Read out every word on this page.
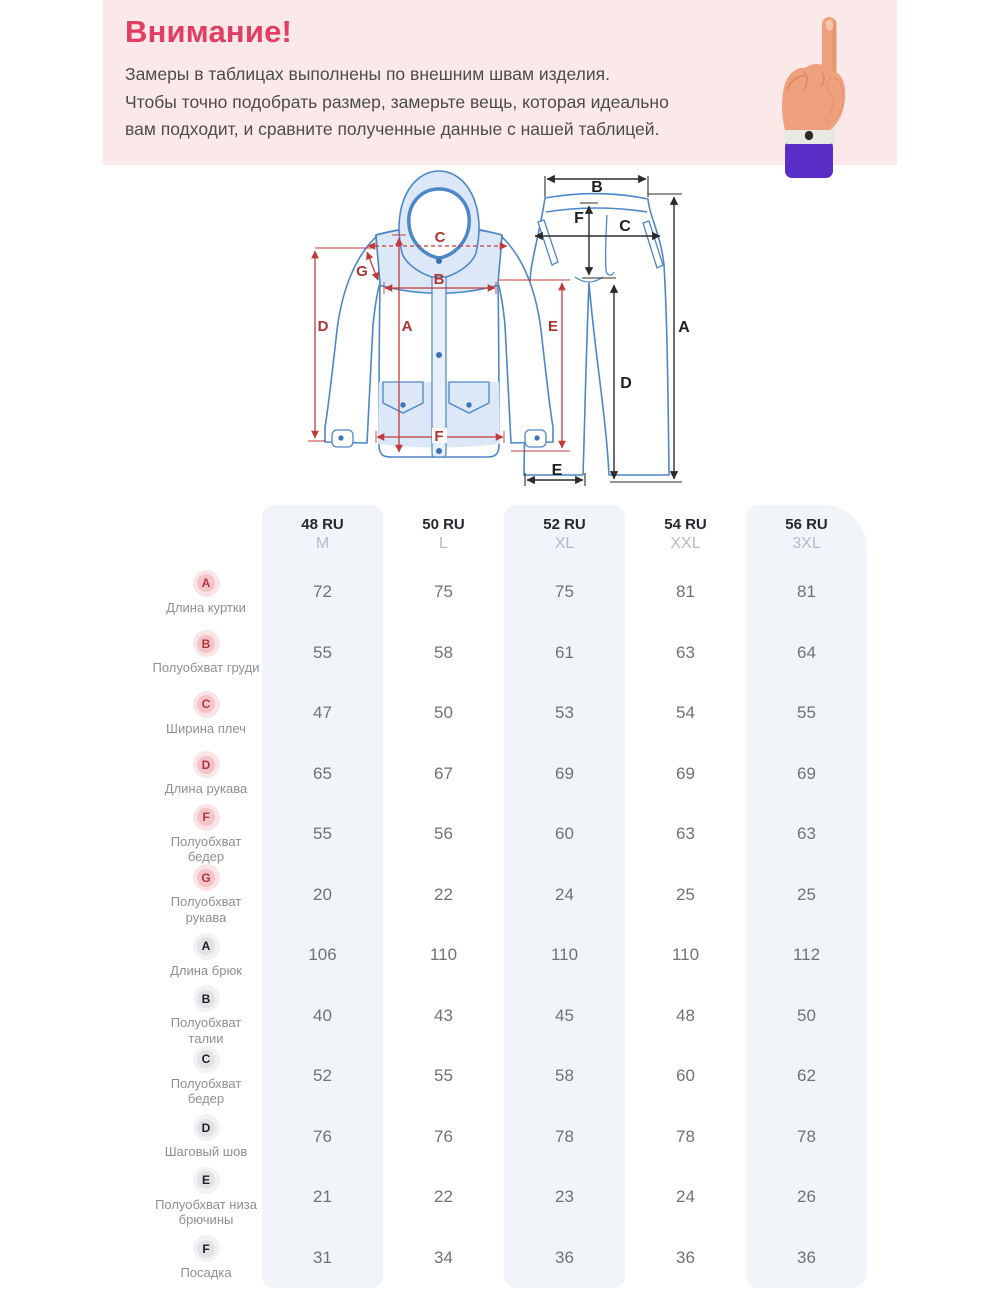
Внимание!
Замеры в таблицах выполнены по внешним швам изделия.
Чтобы точно подобрать размер, замерьте вещь, которая идеально
вам подходит, и сравните полученные данные с нашей таблицей.
A
B
C
D	E
F
G
B
F C
A
D
E
48 RU
M
50 RU
L
52 RU
XL
54 RU
XXL
56 RU
3XL
A
Длина куртки
72	75	75	81	81
B
Полуобхват груди
55	58	61	63	64
C
Ширина плеч
47	50	53	54	55
D
Длина рукава
65	67	69	69	69
F
Полуобхват бедер
55	56	60	63	63
G
Полуобхват рукава
20	22	24	25	25
A
Длина брюк
106	110	110	110	112
B
Полуобхват талии
40	43	45	48	50
C
Полуобхват бедер
52	55	58	60	62
D
Шаговый шов
76	76	78	78	78
E
Полуобхват низа брючины
21	22	23	24	26
F
Посадка
31	34	36	36	36
